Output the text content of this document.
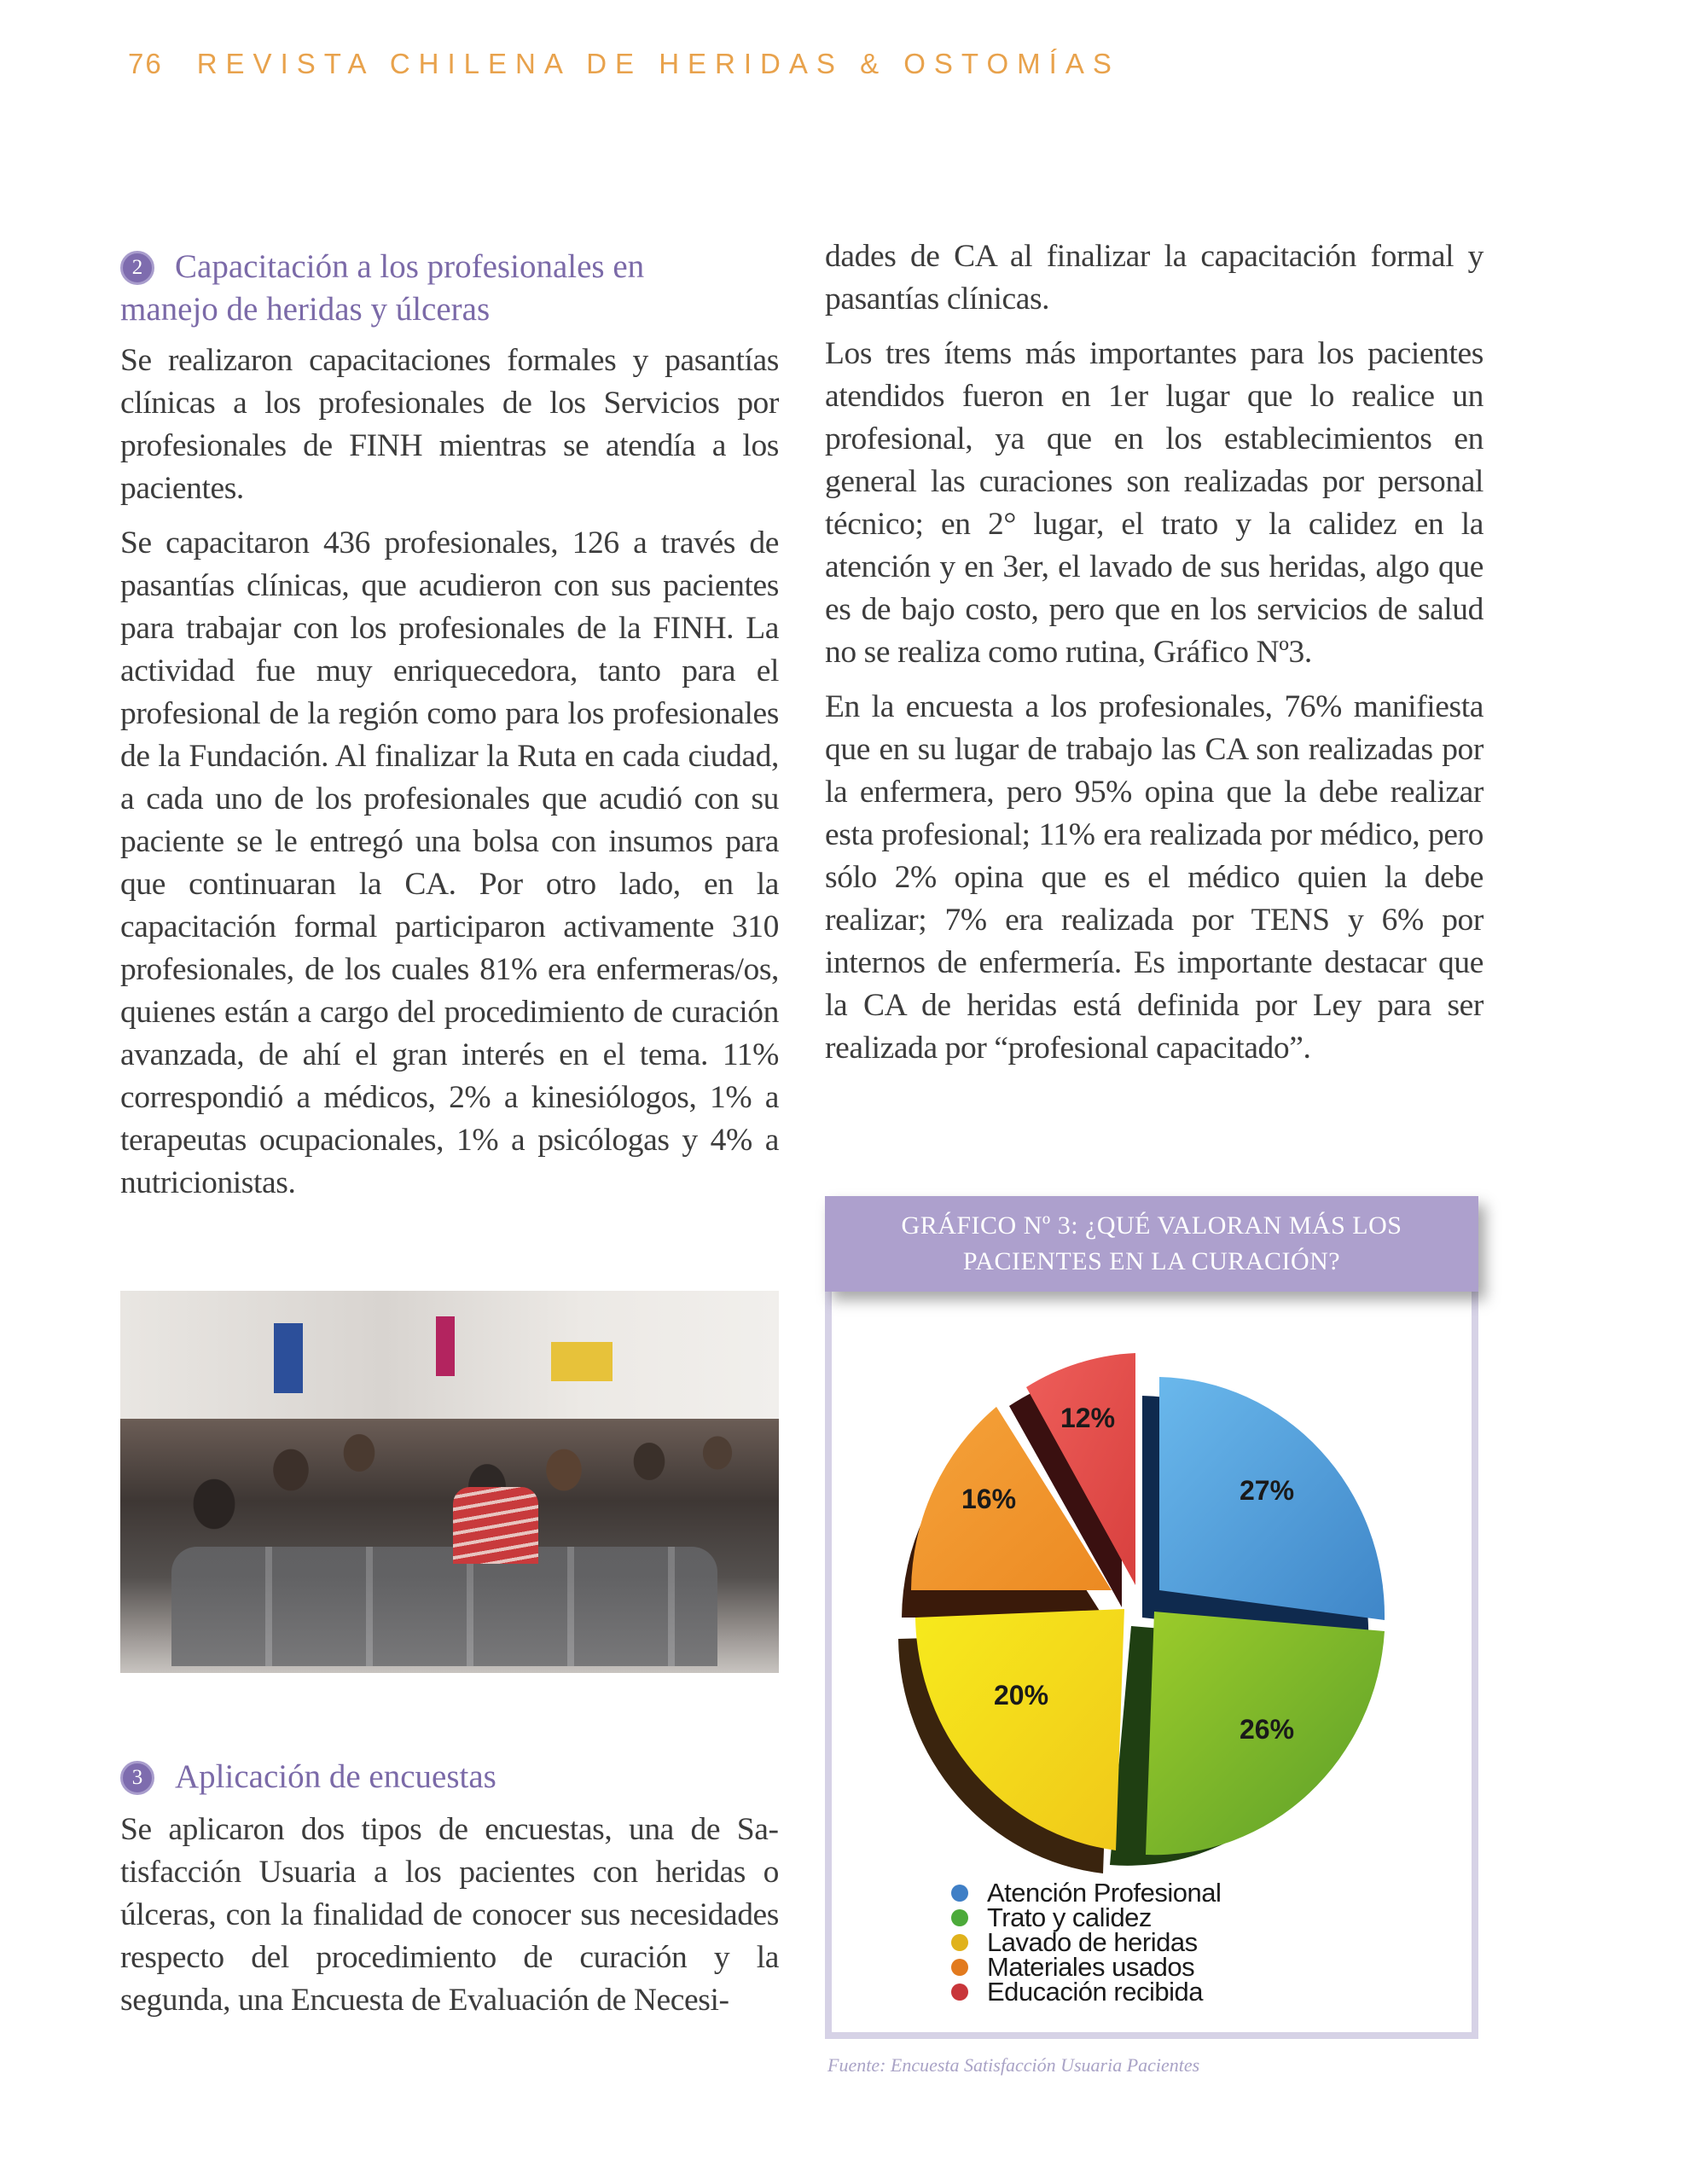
76 REVISTA CHILENA DE HERIDAS & OSTOMÍAS
2 Capacitación a los profesionales en
manejo de heridas y úlceras

Se realizaron capacitaciones formales y pasantías clínicas a los profesionales de los Servicios por profesionales de FINH mientras se atendía a los pacientes.

Se capacitaron 436 profesionales, 126 a través de pasantías clínicas, que acudieron con sus pacientes para trabajar con los profesionales de la FINH. La actividad fue muy enriquecedora, tanto para el profesional de la región como para los profesionales de la Fundación. Al finalizar la Ruta en cada ciudad, a cada uno de los profesionales que acudió con su paciente se le entregó una bolsa con insumos para que continuaran la CA. Por otro lado, en la capacitación formal participaron activamente 310 profesionales, de los cuales 81% era enfermeras/os, quienes están a cargo del procedimiento de curación avanzada, de ahí el gran interés en el tema. 11% correspondió a médicos, 2% a kinesiólogos, 1% a terapeutas ocupacionales, 1% a psicólogas y 4% a nutricionistas.

3 Aplicación de encuestas

Se aplicaron dos tipos de encuestas, una de Satisfacción Usuaria a los pacientes con heridas o úlceras, con la finalidad de conocer sus necesidades respecto del procedimiento de curación y la segunda, una Encuesta de Evaluación de Necesi-

dades de CA al finalizar la capacitación formal y pasantías clínicas.

Los tres ítems más importantes para los pacientes atendidos fueron en 1er lugar que lo realice un profesional, ya que en los establecimientos en general las curaciones son realizadas por personal técnico; en 2° lugar, el trato y la calidez en la atención y en 3er, el lavado de sus heridas, algo que es de bajo costo, pero que en los servicios de salud no se realiza como rutina, Gráfico Nº3.

En la encuesta a los profesionales, 76% manifiesta que en su lugar de trabajo las CA son realizadas por la enfermera, pero 95% opina que la debe realizar esta profesional; 11% era realizada por médico, pero sólo 2% opina que es el médico quien la debe realizar; 7% era realizada por TENS y 6% por internos de enfermería. Es importante destacar que la CA de heridas está definida por Ley para ser realizada por “profesional capacitado”.

GRÁFICO Nº 3: ¿QUÉ VALORAN MÁS LOS
PACIENTES EN LA CURACIÓN?
27%
26%
20%
16%
12%
Atención Profesional
Trato y calidez
Lavado de heridas
Materiales usados
Educación recibida
Fuente: Encuesta Satisfacción Usuaria Pacientes
